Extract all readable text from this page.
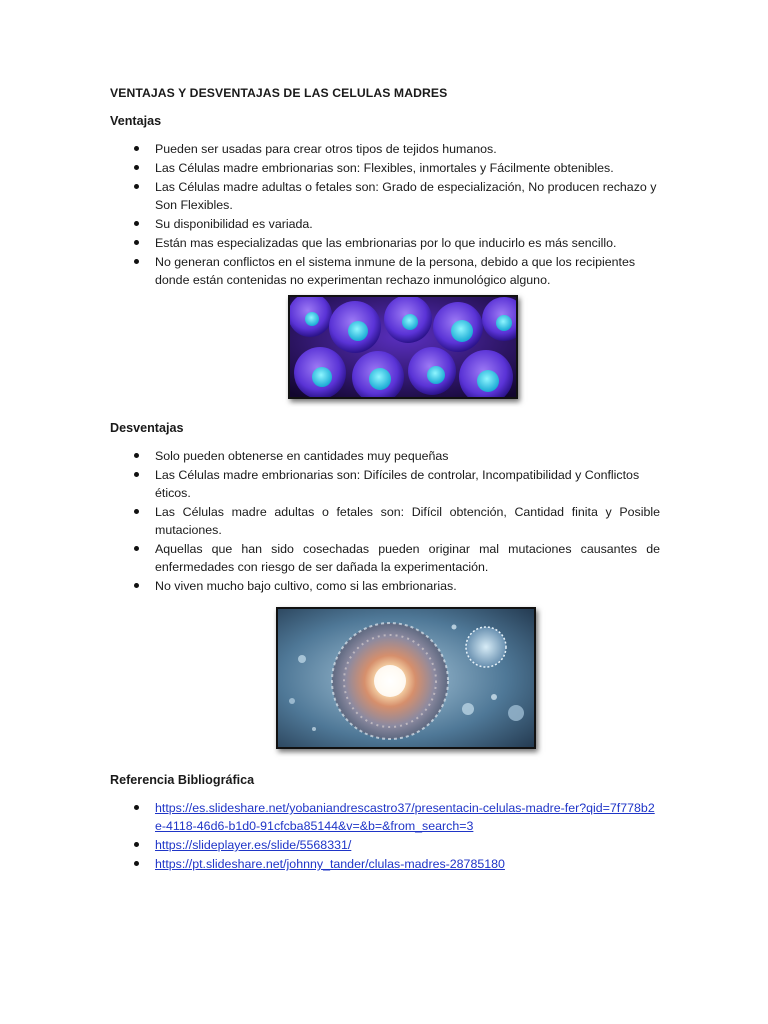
VENTAJAS Y DESVENTAJAS DE LAS CELULAS MADRES
Ventajas
Pueden ser usadas para crear otros tipos de tejidos humanos.
Las Células madre embrionarias son: Flexibles, inmortales y Fácilmente obtenibles.
Las Células madre adultas o fetales son: Grado de especialización, No producen rechazo y Son Flexibles.
Su disponibilidad es variada.
Están mas especializadas que las embrionarias por lo que inducirlo es más sencillo.
No generan conflictos en el sistema inmune de la persona, debido a que los recipientes donde están contenidas no experimentan rechazo inmunológico alguno.
Desventajas
Solo pueden obtenerse en cantidades muy pequeñas
Las Células madre embrionarias son: Difíciles de controlar, Incompatibilidad y Conflictos éticos.
Las Células madre adultas o fetales son: Difícil obtención, Cantidad finita y Posible mutaciones.
Aquellas que han sido cosechadas pueden originar mal mutaciones causantes de enfermedades con riesgo de ser dañada la experimentación.
No viven mucho bajo cultivo, como si las embrionarias.
Referencia Bibliográfica
https://es.slideshare.net/yobaniandrescastro37/presentacin-celulas-madre-fer?qid=7f778b2e-4118-46d6-b1d0-91cfcba85144&v=&b=&from_search=3
https://slideplayer.es/slide/5568331/
https://pt.slideshare.net/johnny_tander/clulas-madres-28785180
